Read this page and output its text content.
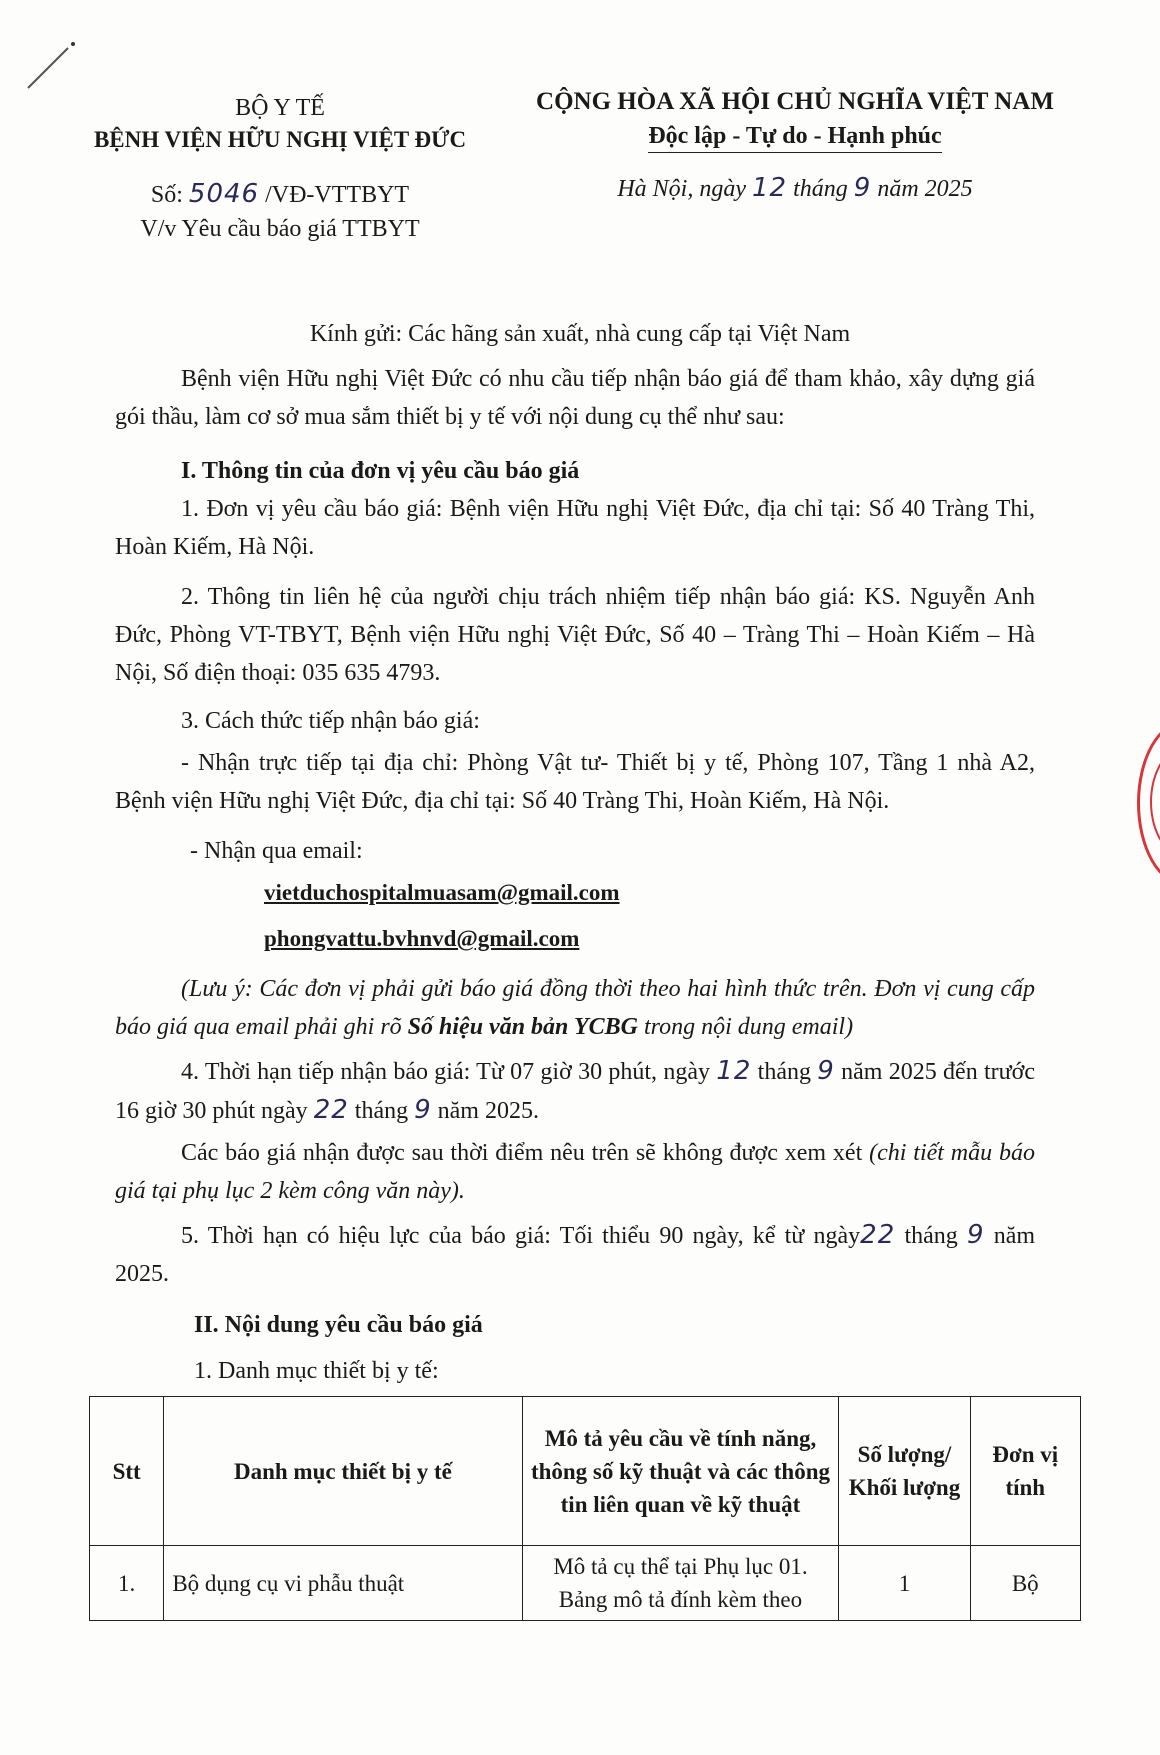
BỘ Y TẾ
BỆNH VIỆN HỮU NGHỊ VIỆT ĐỨC
Số: 5046 /VĐ-VTTBYT
V/v Yêu cầu báo giá TTBYT
CỘNG HÒA XÃ HỘI CHỦ NGHĨA VIỆT NAM
Độc lập - Tự do - Hạnh phúc
Hà Nội, ngày 12 tháng 9 năm 2025
Kính gửi: Các hãng sản xuất, nhà cung cấp tại Việt Nam
Bệnh viện Hữu nghị Việt Đức có nhu cầu tiếp nhận báo giá để tham khảo, xây dựng giá gói thầu, làm cơ sở mua sắm thiết bị y tế với nội dung cụ thể như sau:
I. Thông tin của đơn vị yêu cầu báo giá
1. Đơn vị yêu cầu báo giá: Bệnh viện Hữu nghị Việt Đức, địa chỉ tại: Số 40 Tràng Thi, Hoàn Kiếm, Hà Nội.
2. Thông tin liên hệ của người chịu trách nhiệm tiếp nhận báo giá: KS. Nguyễn Anh Đức, Phòng VT-TBYT, Bệnh viện Hữu nghị Việt Đức, Số 40 – Tràng Thi – Hoàn Kiếm – Hà Nội, Số điện thoại: 035 635 4793.
3. Cách thức tiếp nhận báo giá:
- Nhận trực tiếp tại địa chỉ: Phòng Vật tư- Thiết bị y tế, Phòng 107, Tầng 1 nhà A2, Bệnh viện Hữu nghị Việt Đức, địa chỉ tại: Số 40 Tràng Thi, Hoàn Kiếm, Hà Nội.
- Nhận qua email:
vietduchospitalmuasam@gmail.com
phongvattu.bvhnvd@gmail.com
(Lưu ý: Các đơn vị phải gửi báo giá đồng thời theo hai hình thức trên. Đơn vị cung cấp báo giá qua email phải ghi rõ Số hiệu văn bản YCBG trong nội dung email)
4. Thời hạn tiếp nhận báo giá: Từ 07 giờ 30 phút, ngày 12 tháng 9 năm 2025 đến trước 16 giờ 30 phút ngày 22 tháng 9 năm 2025.
Các báo giá nhận được sau thời điểm nêu trên sẽ không được xem xét (chi tiết mẫu báo giá tại phụ lục 2 kèm công văn này).
5. Thời hạn có hiệu lực của báo giá: Tối thiểu 90 ngày, kể từ ngày22 tháng 9 năm 2025.
II. Nội dung yêu cầu báo giá
1. Danh mục thiết bị y tế:
Stt	Danh mục thiết bị y tế	Mô tả yêu cầu về tính năng, thông số kỹ thuật và các thông tin liên quan về kỹ thuật	Số lượng/ Khối lượng	Đơn vị tính
1.	Bộ dụng cụ vi phẫu thuật	Mô tả cụ thể tại Phụ lục 01. Bảng mô tả đính kèm theo	1	Bộ
